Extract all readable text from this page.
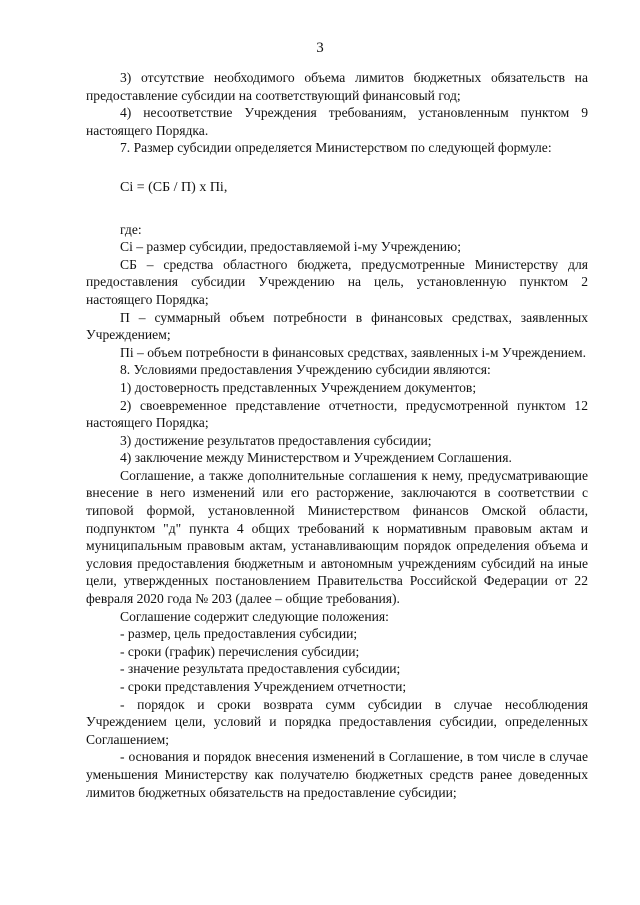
3

3) отсутствие необходимого объема лимитов бюджетных обязательств на предоставление субсидии на соответствующий финансовый год;

4) несоответствие Учреждения требованиям, установленным пунктом 9 настоящего Порядка.

7. Размер субсидии определяется Министерством по следующей формуле:

Ci = (СБ / П) x Пi,

где:

Ci – размер субсидии, предоставляемой i-му Учреждению;

СБ – средства областного бюджета, предусмотренные Министерству для предоставления субсидии Учреждению на цель, установленную пунктом 2 настоящего Порядка;

П – суммарный объем потребности в финансовых средствах, заявленных Учреждением;

Пi – объем потребности в финансовых средствах, заявленных i-м Учреждением.

8. Условиями предоставления Учреждению субсидии являются:

1) достоверность представленных Учреждением документов;

2) своевременное представление отчетности, предусмотренной пунктом 12 настоящего Порядка;

3) достижение результатов предоставления субсидии;

4) заключение между Министерством и Учреждением Соглашения.

Соглашение, а также дополнительные соглашения к нему, предусматривающие внесение в него изменений или его расторжение, заключаются в соответствии с типовой формой, установленной Министерством финансов Омской области, подпунктом "д" пункта 4 общих требований к нормативным правовым актам и муниципальным правовым актам, устанавливающим порядок определения объема и условия предоставления бюджетным и автономным учреждениям субсидий на иные цели, утвержденных постановлением Правительства Российской Федерации от 22 февраля 2020 года № 203 (далее – общие требования).

Соглашение содержит следующие положения:

- размер, цель предоставления субсидии;

- сроки (график) перечисления субсидии;

- значение результата предоставления субсидии;

- сроки представления Учреждением отчетности;

- порядок и сроки возврата сумм субсидии в случае несоблюдения Учреждением цели, условий и порядка предоставления субсидии, определенных Соглашением;

- основания и порядок внесения изменений в Соглашение, в том числе в случае уменьшения Министерству как получателю бюджетных средств ранее доведенных лимитов бюджетных обязательств на предоставление субсидии;
